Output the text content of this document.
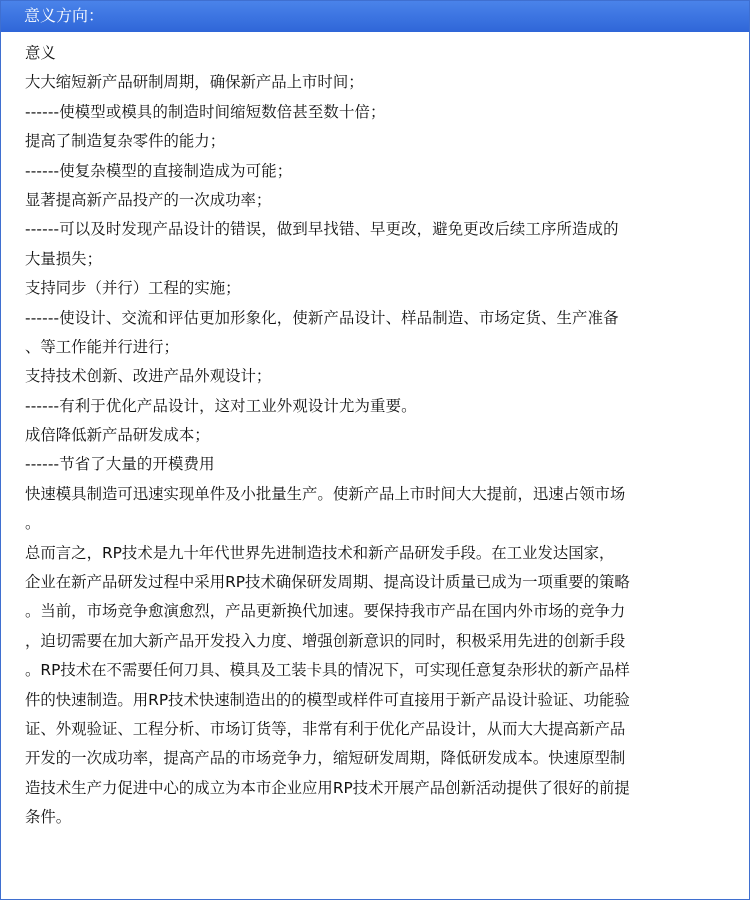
意义方向：
意义
大大缩短新产品研制周期，确保新产品上市时间；
------使模型或模具的制造时间缩短数倍甚至数十倍；
提高了制造复杂零件的能力；
------使复杂模型的直接制造成为可能；
显著提高新产品投产的一次成功率；
------可以及时发现产品设计的错误，做到早找错、早更改，避免更改后续工序所造成的
大量损失；
支持同步（并行）工程的实施；
------使设计、交流和评估更加形象化，使新产品设计、样品制造、市场定货、生产准备
、等工作能并行进行；
支持技术创新、改进产品外观设计；
------有利于优化产品设计，这对工业外观设计尤为重要。
成倍降低新产品研发成本；
------节省了大量的开模费用
快速模具制造可迅速实现单件及小批量生产。使新产品上市时间大大提前，迅速占领市场
。
总而言之，RP技术是九十年代世界先进制造技术和新产品研发手段。在工业发达国家，
企业在新产品研发过程中采用RP技术确保研发周期、提高设计质量已成为一项重要的策略
。当前，市场竞争愈演愈烈，产品更新换代加速。要保持我市产品在国内外市场的竞争力
，迫切需要在加大新产品开发投入力度、增强创新意识的同时，积极采用先进的创新手段
。RP技术在不需要任何刀具、模具及工装卡具的情况下，可实现任意复杂形状的新产品样
件的快速制造。用RP技术快速制造出的的模型或样件可直接用于新产品设计验证、功能验
证、外观验证、工程分析、市场订货等，非常有利于优化产品设计，从而大大提高新产品
开发的一次成功率，提高产品的市场竞争力，缩短研发周期，降低研发成本。快速原型制
造技术生产力促进中心的成立为本市企业应用RP技术开展产品创新活动提供了很好的前提
条件。
